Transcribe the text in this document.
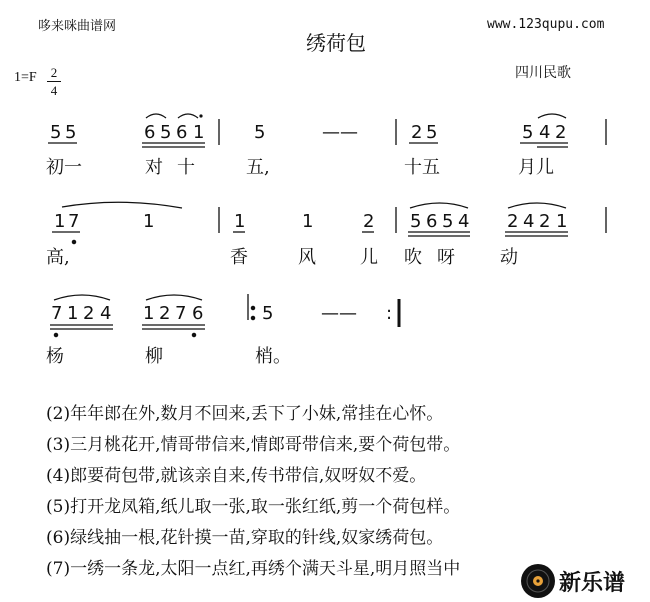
哆来咪曲谱网	www.123qupu.com
绣荷包
1=F 2
4
四川民歌
5 5	6 5 6 1	5	——	2 5	5 4 2
初一	对 十	五,	十五	月儿
1 7	1	1	1	2 5 6 5 4 2 4 2 1
高,	香	风 儿 吹 呀	动
7 1 2 4 1 2 7 6	5	—— :
杨	柳	梢。
(2)年年郎在外,数月不回来,丢下了小妹,常挂在心怀。
(3)三月桃花开,情哥带信来,情郎哥带信来,要个荷包带。
(4)郎要荷包带,就该亲自来,传书带信,奴呀奴不爱。
(5)打开龙凤箱,纸儿取一张,取一张红纸,剪一个荷包样。
(6)绿线抽一根,花针摸一苗,穿取的针线,奴家绣荷包。
(7)一绣一条龙,太阳一点红,再绣个满天斗星,明月照当中
新乐谱
